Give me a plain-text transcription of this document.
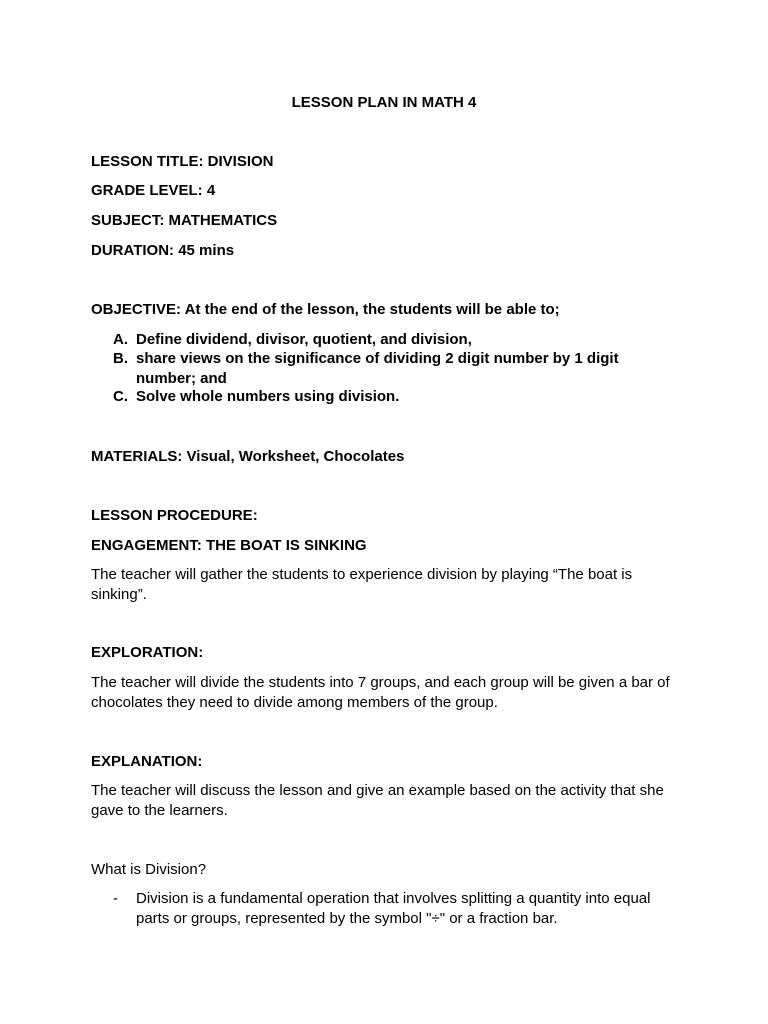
LESSON PLAN IN MATH 4
LESSON TITLE: DIVISION
GRADE LEVEL: 4
SUBJECT: MATHEMATICS
DURATION: 45 mins
OBJECTIVE: At the end of the lesson, the students will be able to;
A. Define dividend, divisor, quotient, and division,
B. share views on the significance of dividing 2 digit number by 1 digit number; and
C. Solve whole numbers using division.
MATERIALS: Visual, Worksheet, Chocolates
LESSON PROCEDURE:
ENGAGEMENT: THE BOAT IS SINKING
The teacher will gather the students to experience division by playing “The boat is sinking”.
EXPLORATION:
The teacher will divide the students into 7 groups, and each group will be given a bar of chocolates they need to divide among members of the group.
EXPLANATION:
The teacher will discuss the lesson and give an example based on the activity that she gave to the learners.
What is Division?
- Division is a fundamental operation that involves splitting a quantity into equal parts or groups, represented by the symbol "÷" or a fraction bar.
